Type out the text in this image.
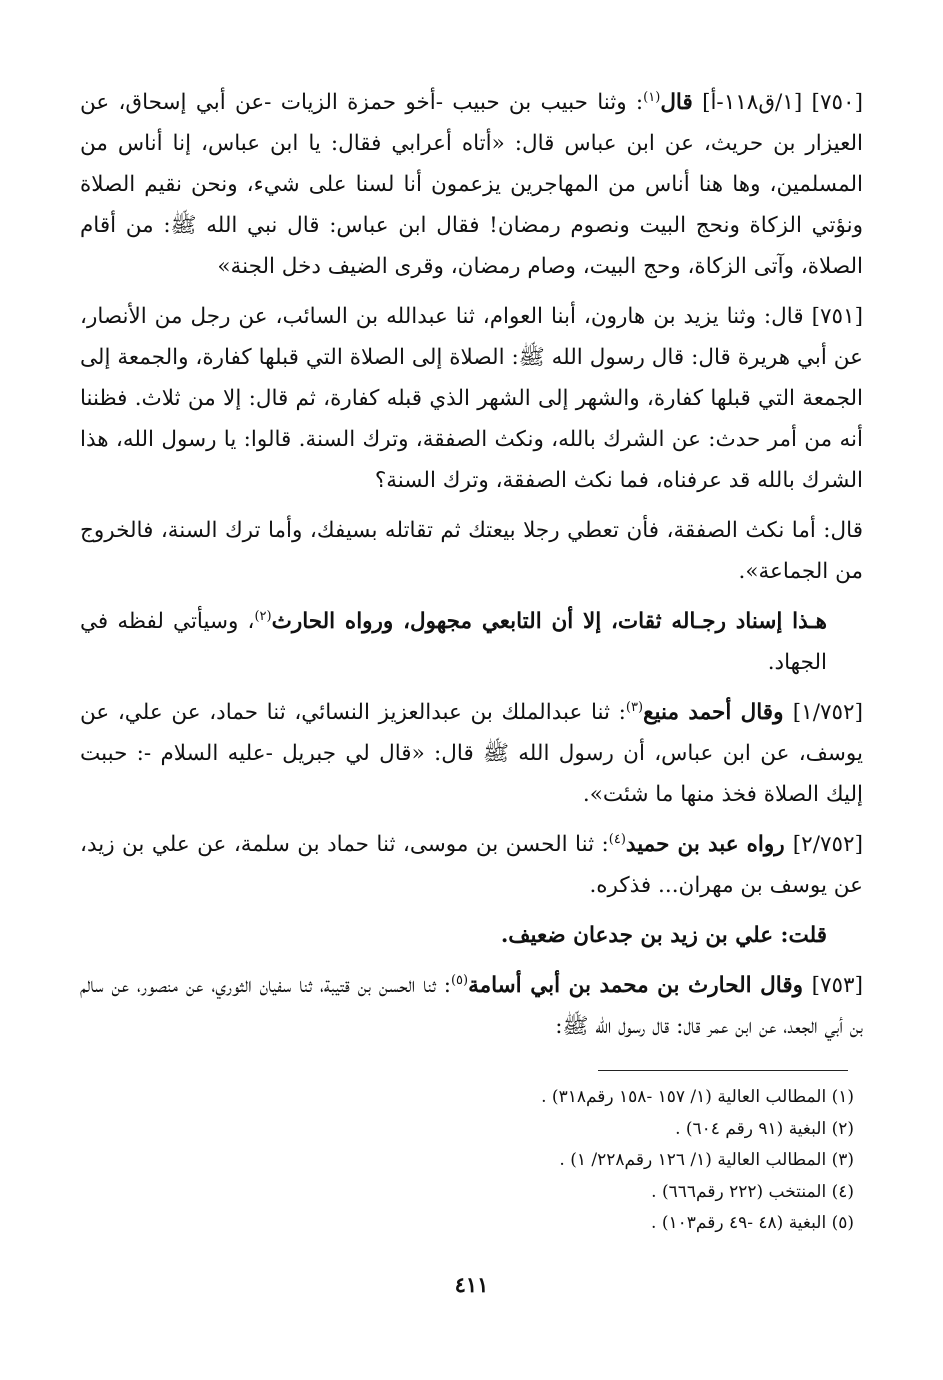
[٧٥٠] [١/ق١١٨-أ] قال$^{(١)}$: وثنا حبيب بن حبيب -أخو حمزة الزيات -عن أبي إسحاق، عن العيزار بن حريث، عن ابن عباس قال: «أتاه أعرابي فقال: يا ابن عباس، إنا أناس من المسلمين، وها هنا أناس من المهاجرين يزعمون أنا لسنا على شيء، ونحن نقيم الصلاة ونؤتي الزكاة ونحج البيت ونصوم رمضان! فقال ابن عباس: قال نبي الله ﷺ: من أقام الصلاة، وآتى الزكاة، وحج البيت، وصام رمضان، وقرى الضيف دخل الجنة»

[٧٥١] قال: وثنا يزيد بن هارون، أبنا العوام، ثنا عبدالله بن السائب، عن رجل من الأنصار، عن أبي هريرة قال: قال رسول الله ﷺ: الصلاة إلى الصلاة التي قبلها كفارة، والجمعة إلى الجمعة التي قبلها كفارة، والشهر إلى الشهر الذي قبله كفارة، ثم قال: إلا من ثلاث. فظننا أنه من أمر حدث: عن الشرك بالله، ونكث الصفقة، وترك السنة. قالوا: يا رسول الله، هذا الشرك بالله قد عرفناه، فما نكث الصفقة، وترك السنة؟

قال: أما نكث الصفقة، فأن تعطي رجلا بيعتك ثم تقاتله بسيفك، وأما ترك السنة، فالخروج من الجماعة».

هـذا إسناد رجـاله ثقات، إلا أن التابعي مجهول، ورواه الحارث$^{(٢)}$، وسيأتي لفظه في الجهاد.

[١/٧٥٢] وقال أحمد منيع$^{(٣)}$: ثنا عبدالملك بن عبدالعزيز النسائي، ثنا حماد، عن علي، عن يوسف، عن ابن عباس، أن رسول الله ﷺ قال: «قال لي جبريل -عليه السلام -: حببت إليك الصلاة فخذ منها ما شئت».

[٢/٧٥٢] رواه عبد بن حميد$^{(٤)}$: ثنا الحسن بن موسى، ثنا حماد بن سلمة، عن علي بن زيد، عن يوسف بن مهران... فذكره.

قلت: علي بن زيد بن جدعان ضعيف.

[٧٥٣] وقال الحارث بن محمد بن أبي أسامة$^{(٥)}$: ثنا الحسن بن قتيبة، ثنا سفيان الثوري، عن منصور، عن سالم بن أبي الجعد، عن ابن عمر قال: قال رسول الله ﷺ:

(١) المطالب العالية (١/ ١٥٧ -١٥٨ رقم٣١٨) .
(٢) البغية (٩١ رقم ٦٠٤) .
(٣) المطالب العالية (١/ ١٢٦ رقم٢٢٨/ ١) .
(٤) المنتخب (٢٢٢ رقم٦٦٦) .
(٥) البغية (٤٨ -٤٩ رقم١٠٣) .
٤١١
